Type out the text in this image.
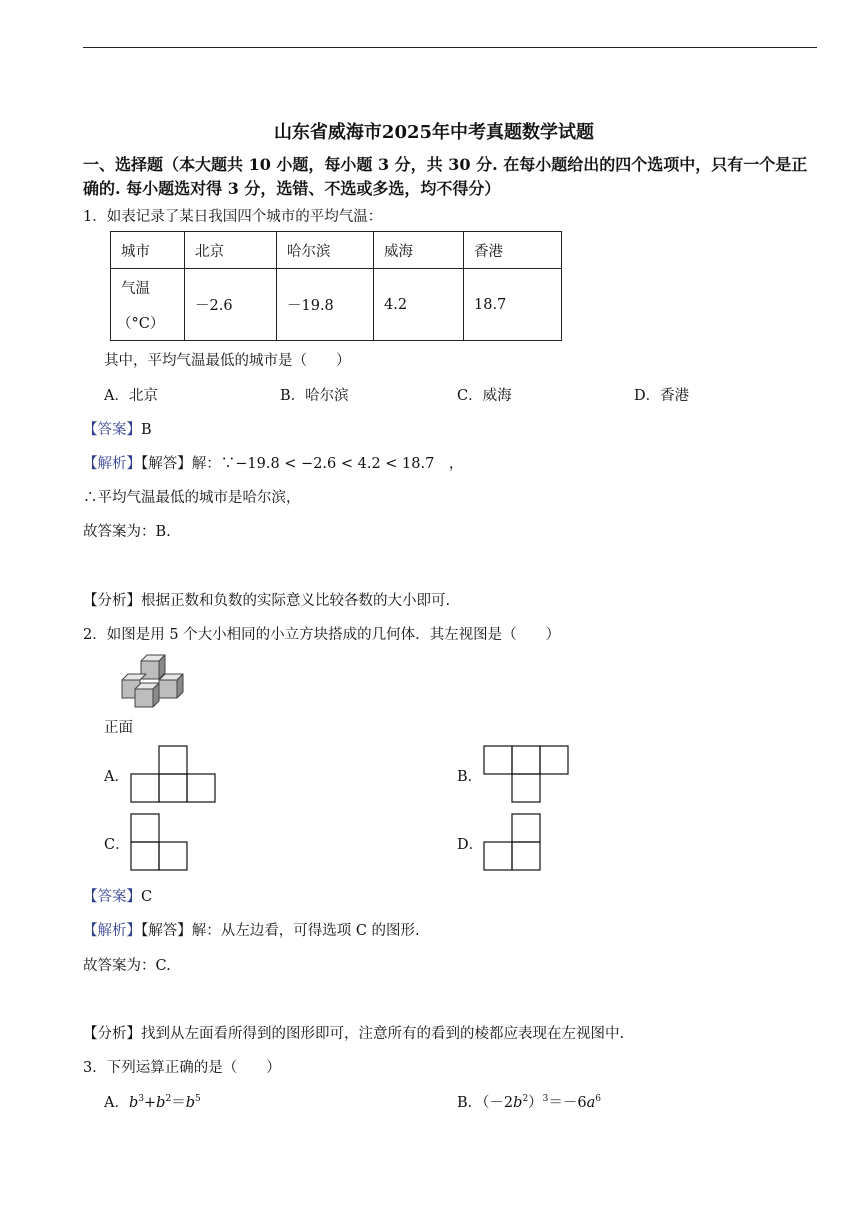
山东省威海市2025年中考真题数学试题
一、选择题（本大题共 10 小题，每小题 3 分，共 30 分. 在每小题给出的四个选项中，只有一个是正确的. 每小题选对得 3 分，选错、不选或多选，均不得分）
1．如表记录了某日我国四个城市的平均气温：
城市	北京	哈尔滨	威海	香港

气温
（°C）	－2.6	－19.8	4.2	18.7
其中，平均气温最低的城市是（　　）
A．北京	B．哈尔滨	C．威海	D．香港
【答案】B
【解析】【解答】解：∵−19.8 < −2.6 < 4.2 < 18.7　，
∴平均气温最低的城市是哈尔滨，
故答案为：B.
【分析】根据正数和负数的实际意义比较各数的大小即可.
2．如图是用 5 个大小相同的小立方块搭成的几何体．其左视图是（　　）
正面
A．	B．
C．	D．
【答案】C
【解析】【解答】解：从左边看，可得选项 C 的图形.
故答案为：C.
【分析】找到从左面看所得到的图形即可，注意所有的看到的棱都应表现在左视图中.
3．下列运算正确的是（　　）
A．$b^3+b^2=b^5$	B．$(-2b^2)^3=-6a^6$
